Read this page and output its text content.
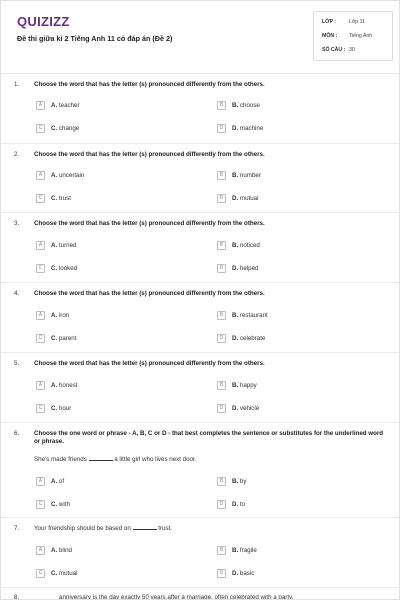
QUIZIZZ
Đề thi giữa kì 2 Tiếng Anh 11 có đáp án (Đề 2)
LỚP :	Lớp 11
MÔN :	Tiếng Anh
SỐ CÂU : 30
1. Choose the word that has the letter (s) pronounced differently from the others.
A	A. teacher	B	B. choose
C	C. change	D	D. machine
2. Choose the word that has the letter (s) pronounced differently from the others.
A	A. uncertain	B	B. number
C	C. trust	D	D. mutual
3. Choose the word that has the letter (s) pronounced differently from the others.
A	A. turned	B	B. noticed
C	C. looked	D	D. helped
4. Choose the word that has the letter (s) pronounced differently from the others.
A	A. iron	B	B. restaurant
C	C. parent	D	D. celebrate
5. Choose the word that has the letter (s) pronounced differently from the others.
A	A. honest	B	B. happy
C	C. hour	D	D. vehicle
6. Choose the one word or phrase - A, B, C or D - that best completes the sentence or substitutes for the underlined word or phrase.
She's made friends	a little girl who lives next door.
A	A. of	B	B. by
C	C. with	D	D. to
7. Your friendship should be based on	trust.
A	A. blind	B	B. fragile
C	C. mutual	D	D. basic
8.	anniversary is the day exactly 50 years after a marriage, often celebrated with a party.
